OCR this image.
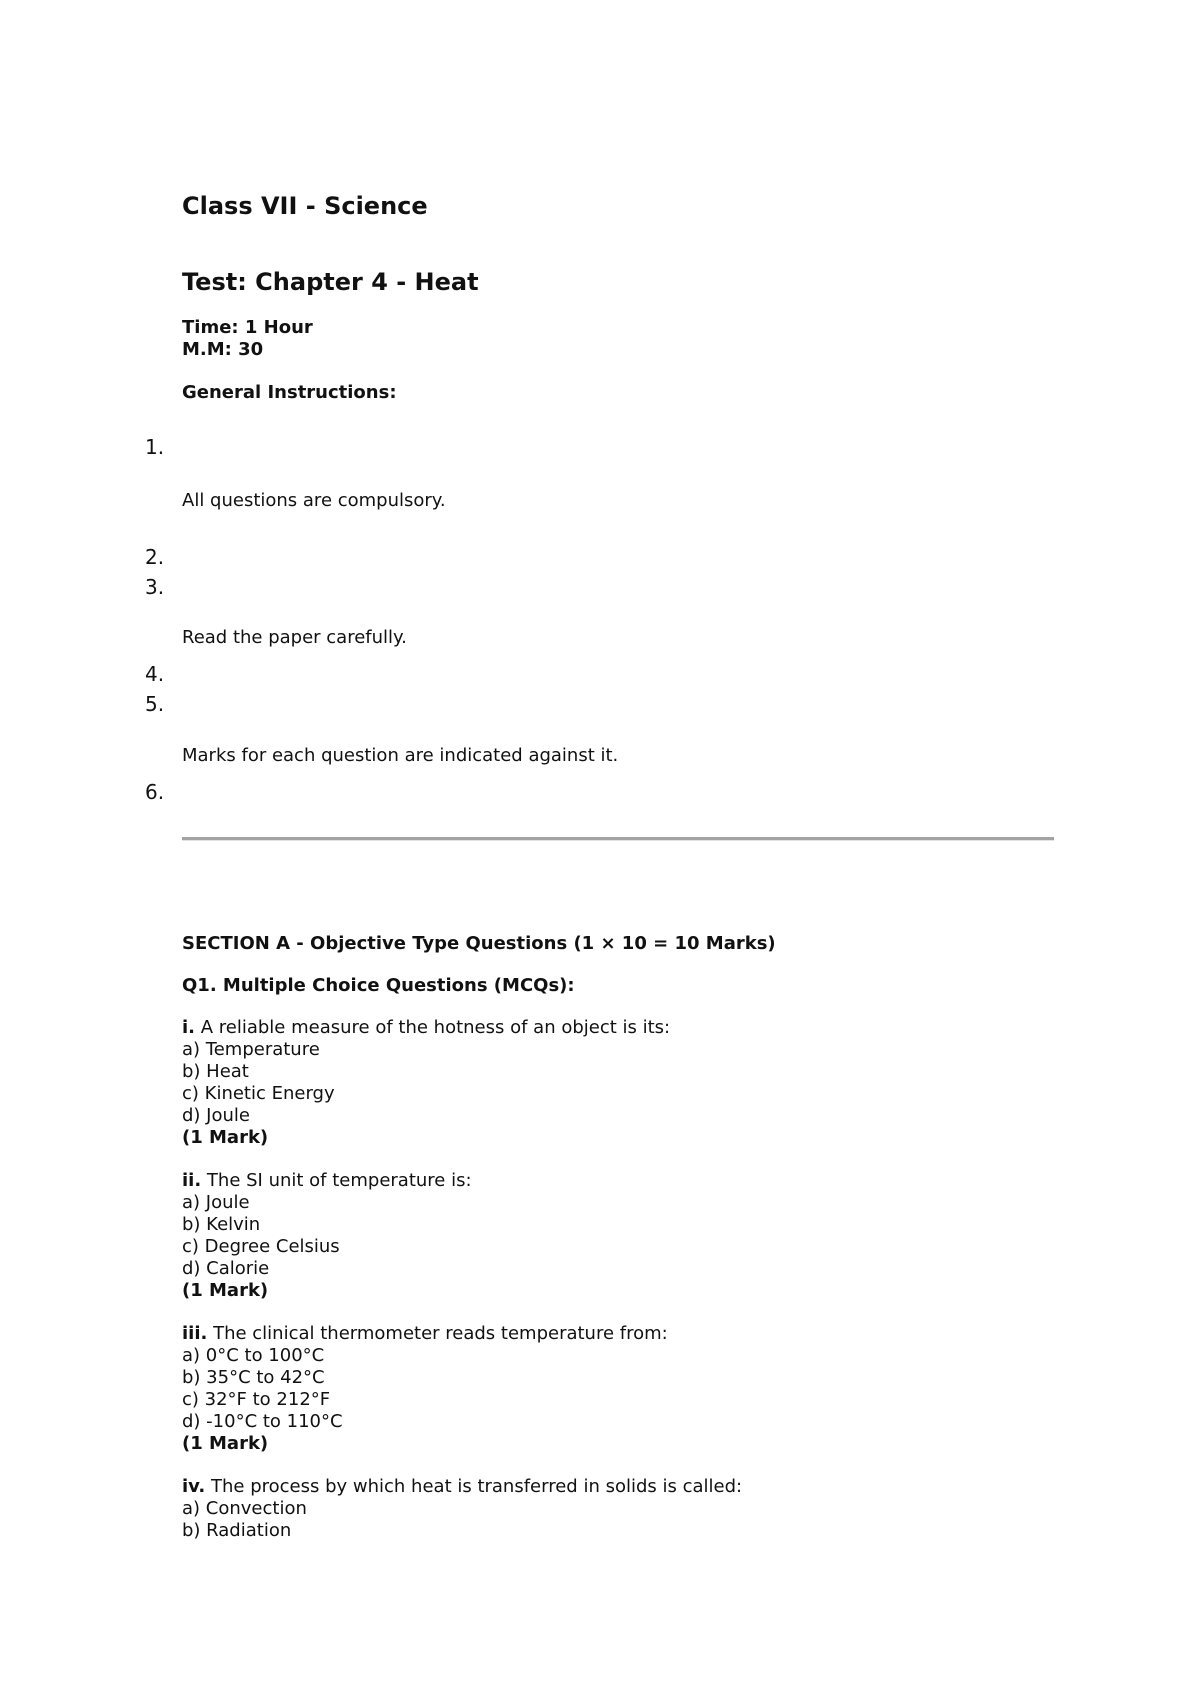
Class VII - Science
Test: Chapter 4 - Heat
Time: 1 Hour
M.M: 30
General Instructions:
1.
2.
3.
4.
5.
6.
All questions are compulsory.
Read the paper carefully.
Marks for each question are indicated against it.
SECTION A - Objective Type Questions (1 × 10 = 10 Marks)
Q1. Multiple Choice Questions (MCQs):
i. A reliable measure of the hotness of an object is its:
a) Temperature
b) Heat
c) Kinetic Energy
d) Joule
(1 Mark)
ii. The SI unit of temperature is:
a) Joule
b) Kelvin
c) Degree Celsius
d) Calorie
(1 Mark)
iii. The clinical thermometer reads temperature from:
a) 0°C to 100°C
b) 35°C to 42°C
c) 32°F to 212°F
d) -10°C to 110°C
(1 Mark)
iv. The process by which heat is transferred in solids is called:
a) Convection
b) Radiation
